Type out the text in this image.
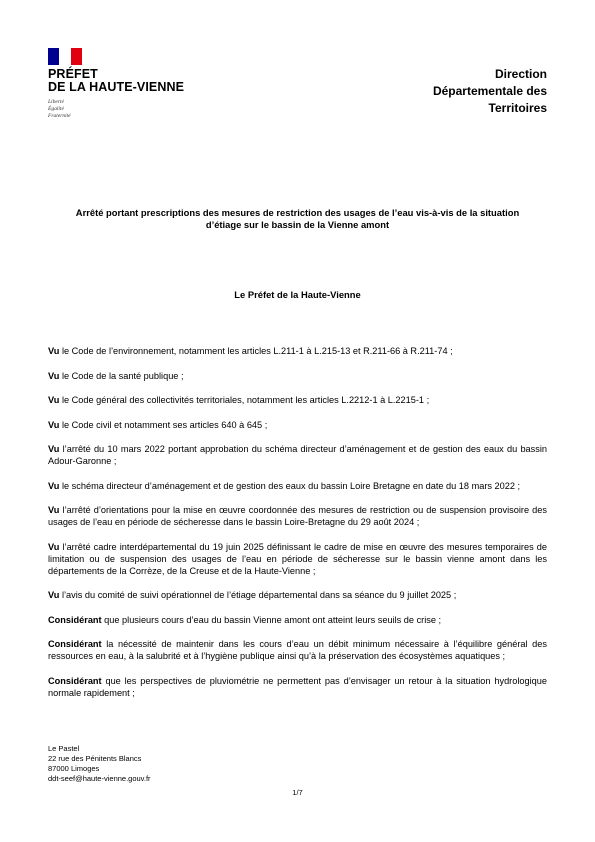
PRÉFET
DE LA HAUTE-VIENNE
Liberté
Égalité
Fraternité
Direction
Départementale des
Territoires
Arrêté portant prescriptions des mesures de restriction des usages de l’eau vis-à-vis de la situation
d’étiage sur le bassin de la Vienne amont
Le Préfet de la Haute-Vienne

Vu le Code de l’environnement, notamment les articles L.211-1 à L.215-13 et R.211-66 à R.211-74 ;

Vu le Code de la santé publique ;

Vu le Code général des collectivités territoriales, notamment les articles L.2212-1 à L.2215-1 ;

Vu le Code civil et notamment ses articles 640 à 645 ;

Vu l’arrêté du 10 mars 2022 portant approbation du schéma directeur d’aménagement et de gestion des eaux du bassin Adour-Garonne ;

Vu le schéma directeur d’aménagement et de gestion des eaux du bassin Loire Bretagne en date du 18 mars 2022 ;

Vu l’arrêté d’orientations pour la mise en œuvre coordonnée des mesures de restriction ou de suspension provisoire des usages de l’eau en période de sécheresse dans le bassin Loire-Bretagne du 29 août 2024 ;

Vu l’arrêté cadre interdépartemental du 19 juin 2025 définissant le cadre de mise en œuvre des mesures temporaires de limitation ou de suspension des usages de l’eau en période de sécheresse sur le bassin vienne amont dans les départements de la Corrèze, de la Creuse et de la Haute-Vienne ;

Vu l’avis du comité de suivi opérationnel de l’étiage départemental dans sa séance du 9 juillet 2025 ;

Considérant que plusieurs cours d’eau du bassin Vienne amont ont atteint leurs seuils de crise ;

Considérant la nécessité de maintenir dans les cours d’eau un débit minimum nécessaire à l’équilibre général des ressources en eau, à la salubrité et à l’hygiène publique ainsi qu’à la préservation des écosystèmes aquatiques ;

Considérant que les perspectives de pluviométrie ne permettent pas d’envisager un retour à la situation hydrologique normale rapidement ;

Le Pastel
22 rue des Pénitents Blancs
87000 Limoges
ddt-seef@haute-vienne.gouv.fr
1/7
